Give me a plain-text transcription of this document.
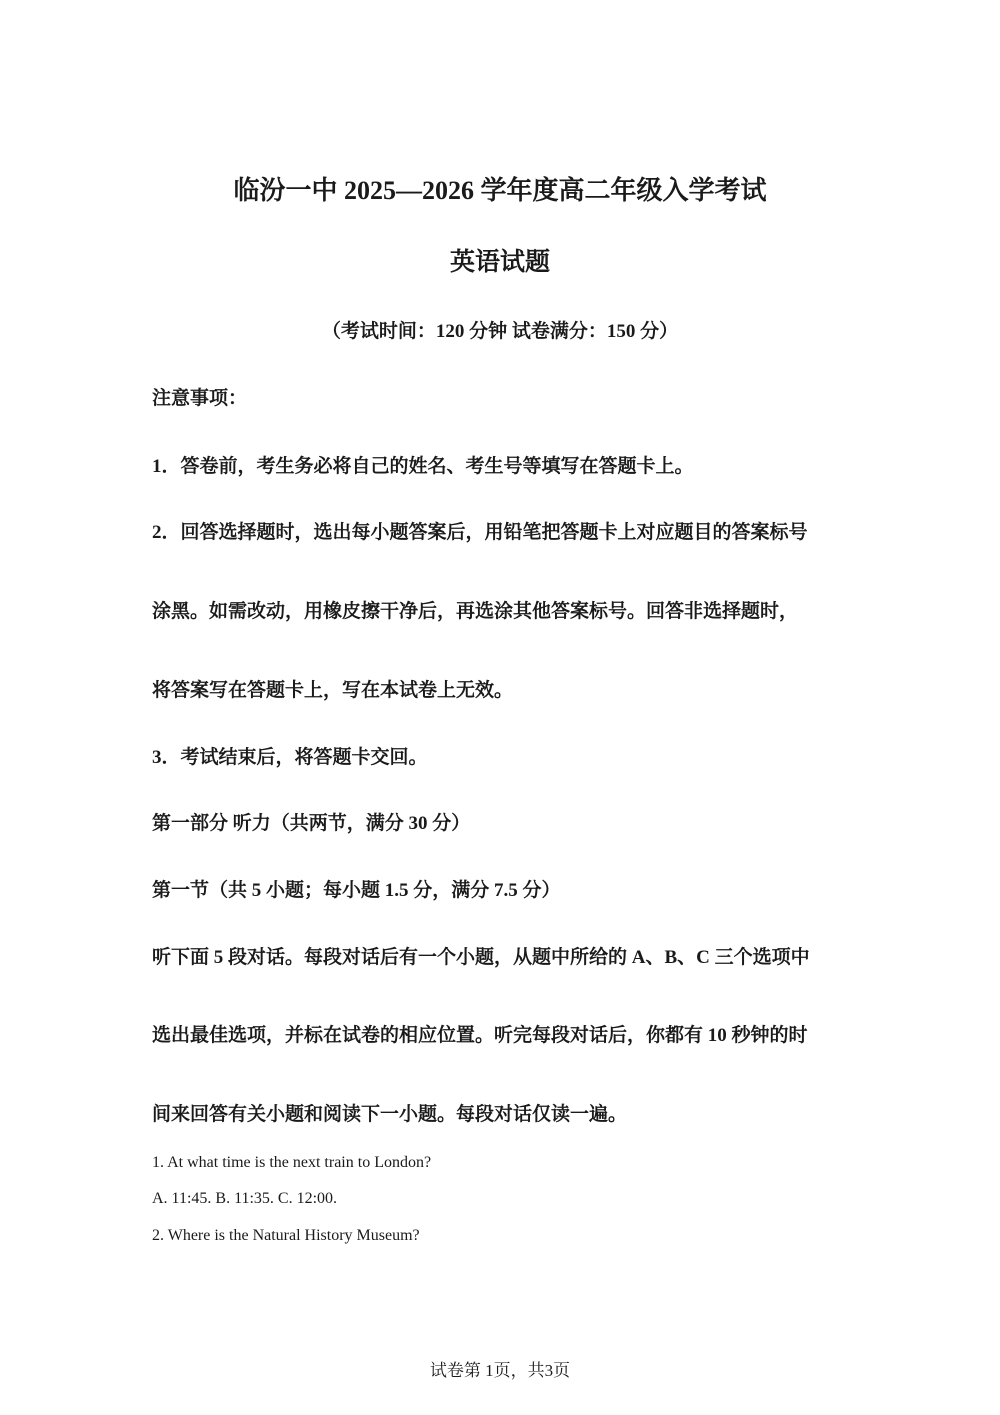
临汾一中 2025—2026 学年度高二年级入学考试
英语试题
（考试时间：120 分钟 试卷满分：150 分）
注意事项：
1．答卷前，考生务必将自己的姓名、考生号等填写在答题卡上。
2．回答选择题时，选出每小题答案后，用铅笔把答题卡上对应题目的答案标号
涂黑。如需改动，用橡皮擦干净后，再选涂其他答案标号。回答非选择题时，
将答案写在答题卡上，写在本试卷上无效。
3．考试结束后，将答题卡交回。
第一部分 听力（共两节，满分 30 分）
第一节（共 5 小题；每小题 1.5 分，满分 7.5 分）
听下面 5 段对话。每段对话后有一个小题，从题中所给的 A、B、C 三个选项中
选出最佳选项，并标在试卷的相应位置。听完每段对话后，你都有 10 秒钟的时
间来回答有关小题和阅读下一小题。每段对话仅读一遍。
1. At what time is the next train to London?
A. 11:45. B. 11:35. C. 12:00.
2. Where is the Natural History Museum?
试卷第 1页，共3页
